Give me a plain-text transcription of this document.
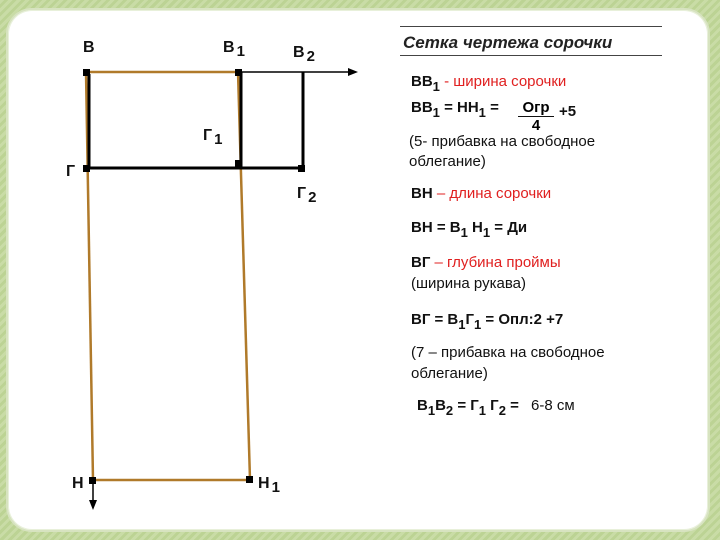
В	В 1	В 2
Г 1
Г
Г 2
Н	Н 1
Сетка чертежа сорочки
ВВ1 - ширина сорочки
ВВ1 = НН1 = Огр
4
+5
(5- прибавка на свободное
облегание)
ВН – длина сорочки
ВН = В1 Н1 = Ди
ВГ – глубина проймы
(ширина рукава)
ВГ = В1Г1 = Опл:2 +7
(7 – прибавка на свободное
облегание)
В1В2 = Г1 Г2 = 6-8 см
